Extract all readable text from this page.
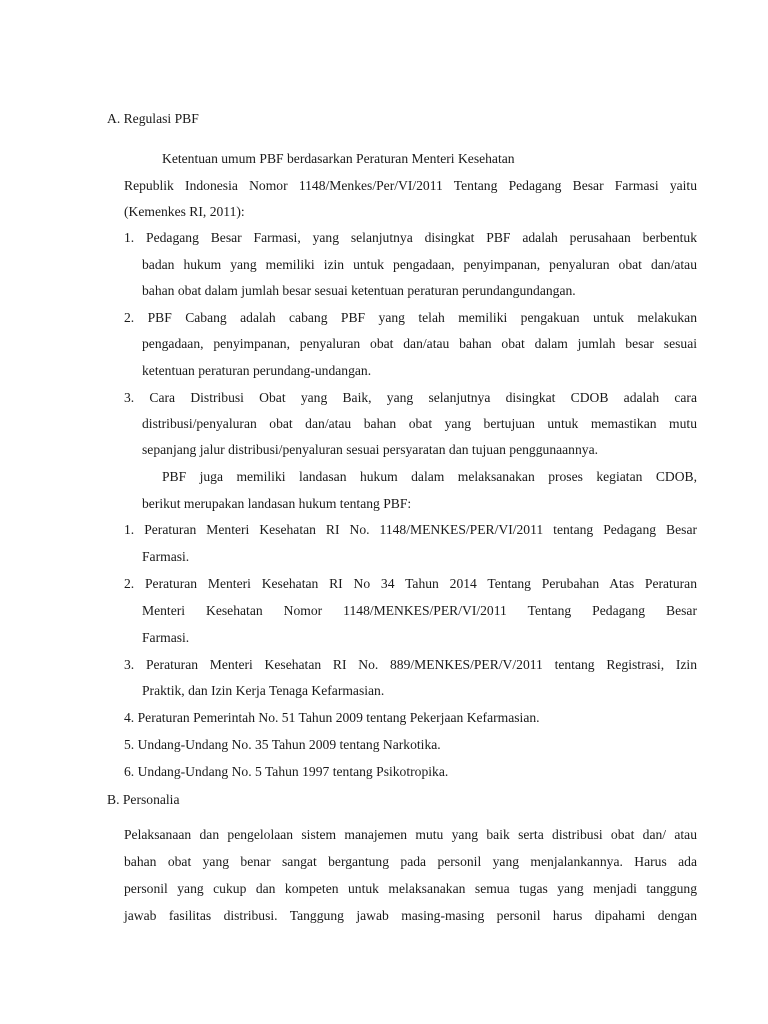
A. Regulasi PBF
Ketentuan umum PBF berdasarkan Peraturan Menteri Kesehatan
Republik Indonesia Nomor 1148/Menkes/Per/VI/2011 Tentang Pedagang Besar Farmasi yaitu
(Kemenkes RI, 2011):
1. Pedagang Besar Farmasi, yang selanjutnya disingkat PBF adalah perusahaan berbentuk
badan hukum yang memiliki izin untuk pengadaan, penyimpanan, penyaluran obat dan/atau
bahan obat dalam jumlah besar sesuai ketentuan peraturan perundangundangan.
2. PBF Cabang adalah cabang PBF yang telah memiliki pengakuan untuk melakukan
pengadaan, penyimpanan, penyaluran obat dan/atau bahan obat dalam jumlah besar sesuai
ketentuan peraturan perundang-undangan.
3. Cara Distribusi Obat yang Baik, yang selanjutnya disingkat CDOB adalah cara
distribusi/penyaluran obat dan/atau bahan obat yang bertujuan untuk memastikan mutu
sepanjang jalur distribusi/penyaluran sesuai persyaratan dan tujuan penggunaannya.
PBF juga memiliki landasan hukum dalam melaksanakan proses kegiatan CDOB,
berikut merupakan landasan hukum tentang PBF:
1. Peraturan Menteri Kesehatan RI No. 1148/MENKES/PER/VI/2011 tentang Pedagang Besar
Farmasi.
2. Peraturan Menteri Kesehatan RI No 34 Tahun 2014 Tentang Perubahan Atas Peraturan
Menteri Kesehatan Nomor 1148/MENKES/PER/VI/2011 Tentang Pedagang Besar
Farmasi.
3. Peraturan Menteri Kesehatan RI No. 889/MENKES/PER/V/2011 tentang Registrasi, Izin
Praktik, dan Izin Kerja Tenaga Kefarmasian.
4. Peraturan Pemerintah No. 51 Tahun 2009 tentang Pekerjaan Kefarmasian.
5. Undang-Undang No. 35 Tahun 2009 tentang Narkotika.
6. Undang-Undang No. 5 Tahun 1997 tentang Psikotropika.
B. Personalia
Pelaksanaan dan pengelolaan sistem manajemen mutu yang baik serta distribusi obat dan/ atau
bahan obat yang benar sangat bergantung pada personil yang menjalankannya. Harus ada
personil yang cukup dan kompeten untuk melaksanakan semua tugas yang menjadi tanggung
jawab fasilitas distribusi. Tanggung jawab masing-masing personil harus dipahami dengan
